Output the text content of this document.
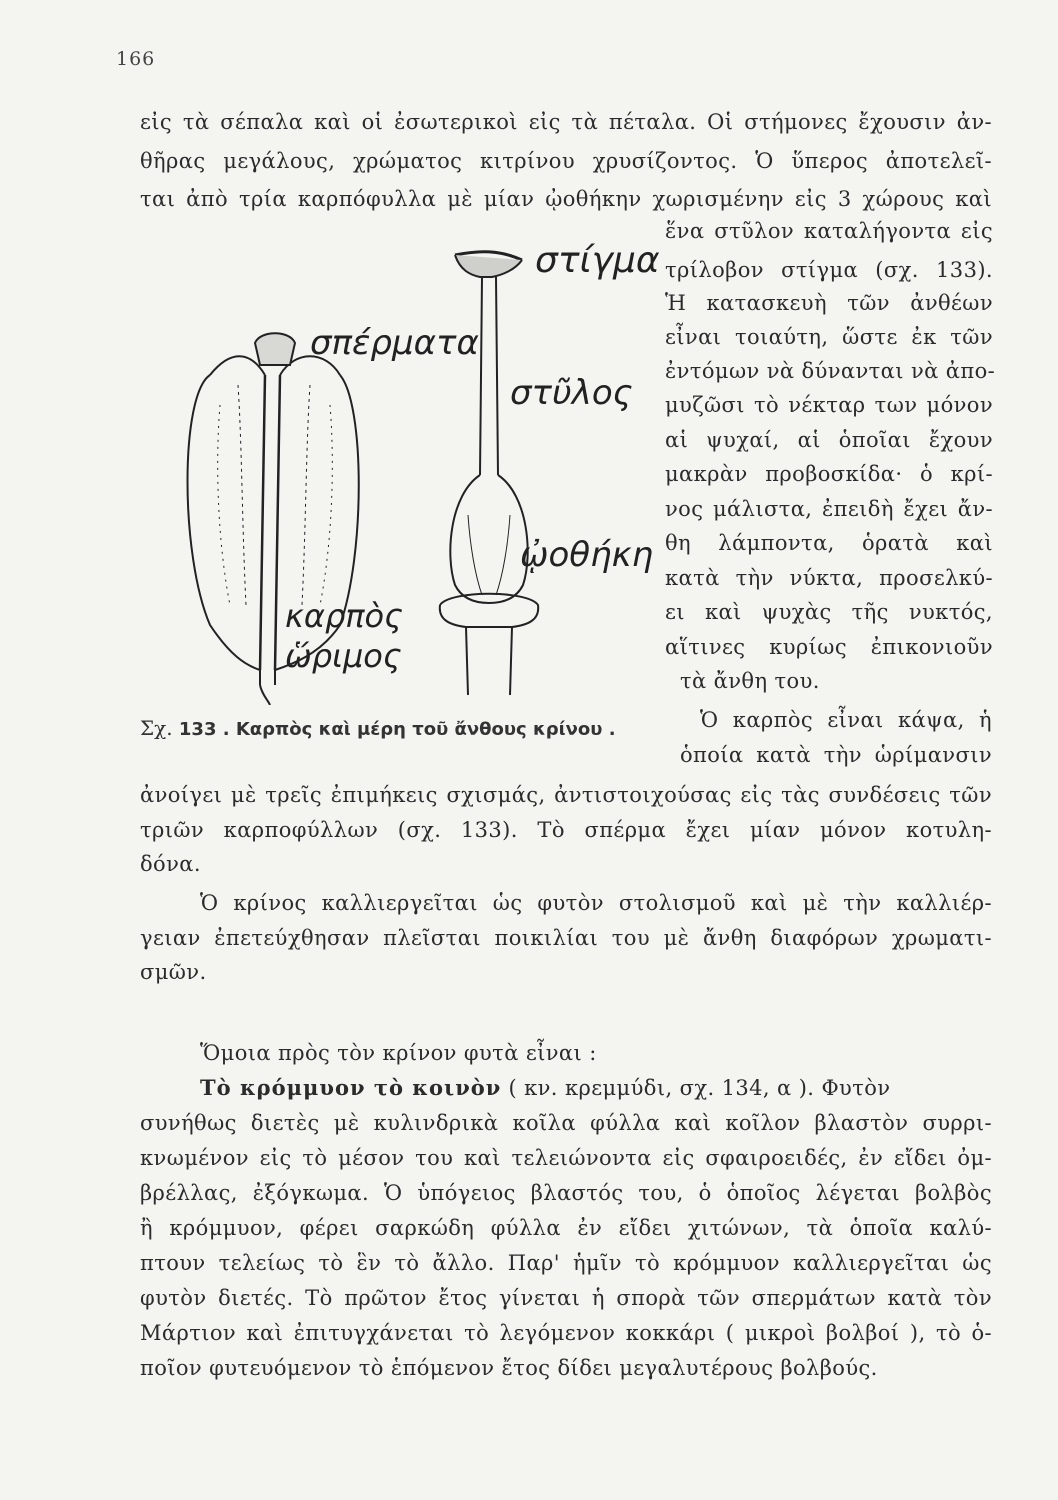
166
εἰς τὰ σέπαλα καὶ οἱ ἐσωτερικοὶ εἰς τὰ πέταλα. Οἱ στήμονες ἔχουσιν ἀν-
θῆρας μεγάλους, χρώματος κιτρίνου χρυσίζοντος. Ὁ ὕπερος ἀποτελεῖ-
ται ἀπὸ τρία καρπόφυλλα μὲ μίαν ᾠοθήκην χωρισμένην εἰς 3 χώρους καὶ
ἕνα στῦλον καταλήγοντα εἰς
τρίλοβον στίγμα (σχ. 133).
Ἡ κατασκευὴ τῶν ἀνθέων
εἶναι τοιαύτη, ὥστε ἐκ τῶν
ἐντόμων νὰ δύνανται νὰ ἀπο-
μυζῶσι τὸ νέκταρ των μόνον
αἱ ψυχαί, αἱ ὁποῖαι ἔχουν
μακρὰν προβοσκίδα· ὁ κρί-
νος μάλιστα, ἐπειδὴ ἔχει ἄν-
θη λάμποντα, ὁρατὰ καὶ
κατὰ τὴν νύκτα, προσελκύ-
ει καὶ ψυχὰς τῆς νυκτός,
αἵτινες κυρίως ἐπικονιοῦν
τὰ ἄνθη του.
Ὁ καρπὸς εἶναι κάψα, ἡ
ὁποία κατὰ τὴν ὡρίμανσιν
στίγμα
σπέρματα
στῦλος
ᾠοθήκη
καρπὸς
ὥριμος
Σχ. 133 . Καρπὸς καὶ μέρη τοῦ ἄνθους κρίνου .
ἀνοίγει μὲ τρεῖς ἐπιμήκεις σχισμάς, ἀντιστοιχούσας εἰς τὰς συνδέσεις τῶν
τριῶν καρποφύλλων (σχ. 133). Τὸ σπέρμα ἔχει μίαν μόνον κοτυλη-
δόνα.
Ὁ κρίνος καλλιεργεῖται ὡς φυτὸν στολισμοῦ καὶ μὲ τὴν καλλιέρ-
γειαν ἐπετεύχθησαν πλεῖσται ποικιλίαι του μὲ ἄνθη διαφόρων χρωματι-
σμῶν.
Ὅμοια πρὸς τὸν κρίνον φυτὰ εἶναι :
Τὸ κρόμμυον τὸ κοινὸν ( κν. κρεμμύδι, σχ. 134, α ). Φυτὸν
συνήθως διετὲς μὲ κυλινδρικὰ κοῖλα φύλλα καὶ κοῖλον βλαστὸν συρρι-
κνωμένον εἰς τὸ μέσον του καὶ τελειώνοντα εἰς σφαιροειδές, ἐν εἴδει ὀμ-
βρέλλας, ἐξόγκωμα. Ὁ ὑπόγειος βλαστός του, ὁ ὁποῖος λέγεται βολβὸς
ἢ κρόμμυον, φέρει σαρκώδη φύλλα ἐν εἴδει χιτώνων, τὰ ὁποῖα καλύ-
πτουν τελείως τὸ ἓν τὸ ἄλλο. Παρ' ἡμῖν τὸ κρόμμυον καλλιεργεῖται ὡς
φυτὸν διετές. Τὸ πρῶτον ἔτος γίνεται ἡ σπορὰ τῶν σπερμάτων κατὰ τὸν
Μάρτιον καὶ ἐπιτυγχάνεται τὸ λεγόμενον κοκκάρι ( μικροὶ βολβοί ), τὸ ὁ-
ποῖον φυτευόμενον τὸ ἑπόμενον ἔτος δίδει μεγαλυτέρους βολβούς.
